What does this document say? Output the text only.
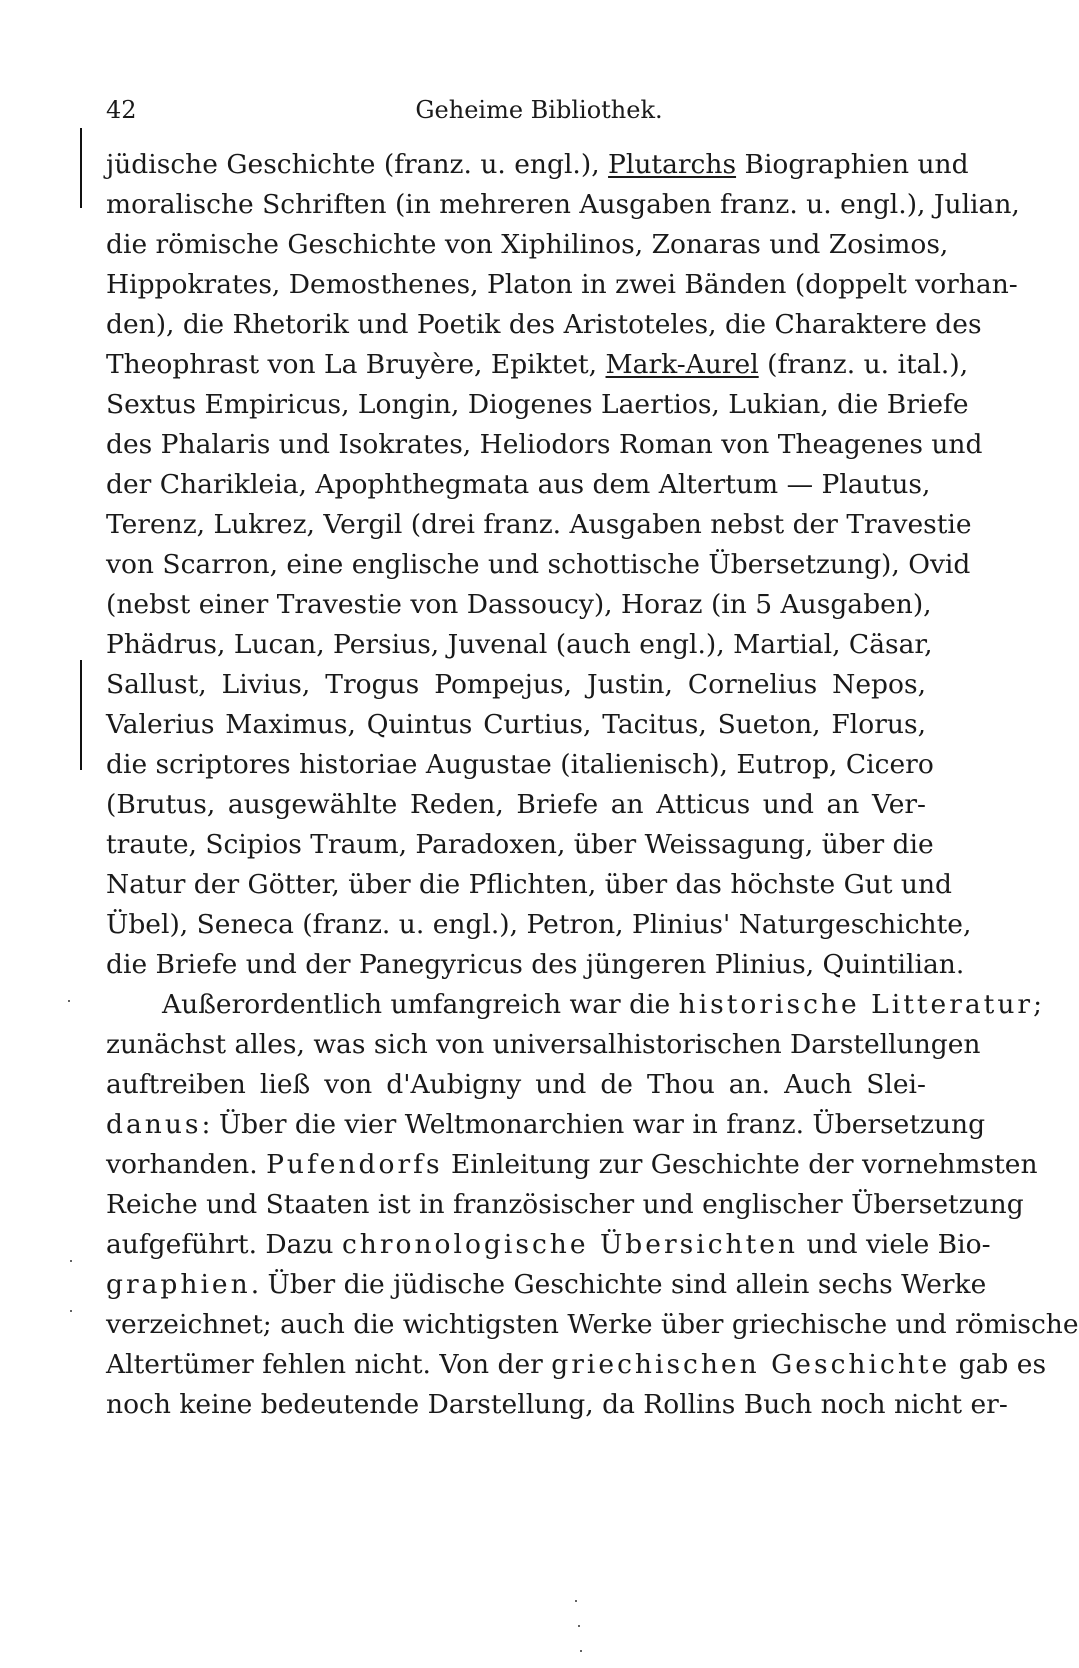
42	Geheime Bibliothek.
jüdische Geschichte (franz. u. engl.), Plutarchs Biographien und
moralische Schriften (in mehreren Ausgaben franz. u. engl.), Julian,
die römische Geschichte von Xiphilinos, Zonaras und Zosimos,
Hippokrates, Demosthenes, Platon in zwei Bänden (doppelt vorhan-
den), die Rhetorik und Poetik des Aristoteles, die Charaktere des
Theophrast von La Bruyère, Epiktet, Mark-Aurel (franz. u. ital.),
Sextus Empiricus, Longin, Diogenes Laertios, Lukian, die Briefe
des Phalaris und Isokrates, Heliodors Roman von Theagenes und
der Charikleia, Apophthegmata aus dem Altertum — Plautus,
Terenz, Lukrez, Vergil (drei franz. Ausgaben nebst der Travestie
von Scarron, eine englische und schottische Übersetzung), Ovid
(nebst einer Travestie von Dassoucy), Horaz (in 5 Ausgaben),
Phädrus, Lucan, Persius, Juvenal (auch engl.), Martial, Cäsar,
Sallust, Livius, Trogus Pompejus, Justin, Cornelius Nepos,
Valerius Maximus, Quintus Curtius, Tacitus, Sueton, Florus,
die scriptores historiae Augustae (italienisch), Eutrop, Cicero
(Brutus, ausgewählte Reden, Briefe an Atticus und an Ver-
traute, Scipios Traum, Paradoxen, über Weissagung, über die
Natur der Götter, über die Pflichten, über das höchste Gut und
Übel), Seneca (franz. u. engl.), Petron, Plinius' Naturgeschichte,
die Briefe und der Panegyricus des jüngeren Plinius, Quintilian.
Außerordentlich umfangreich war die historische Litteratur;
zunächst alles, was sich von universalhistorischen Darstellungen
auftreiben ließ von d'Aubigny und de Thou an. Auch Slei-
danus: Über die vier Weltmonarchien war in franz. Übersetzung
vorhanden. Pufendorfs Einleitung zur Geschichte der vornehmsten
Reiche und Staaten ist in französischer und englischer Übersetzung
aufgeführt. Dazu chronologische Übersichten und viele Bio-
graphien. Über die jüdische Geschichte sind allein sechs Werke
verzeichnet; auch die wichtigsten Werke über griechische und römische
Altertümer fehlen nicht. Von der griechischen Geschichte gab es
noch keine bedeutende Darstellung, da Rollins Buch noch nicht er-
